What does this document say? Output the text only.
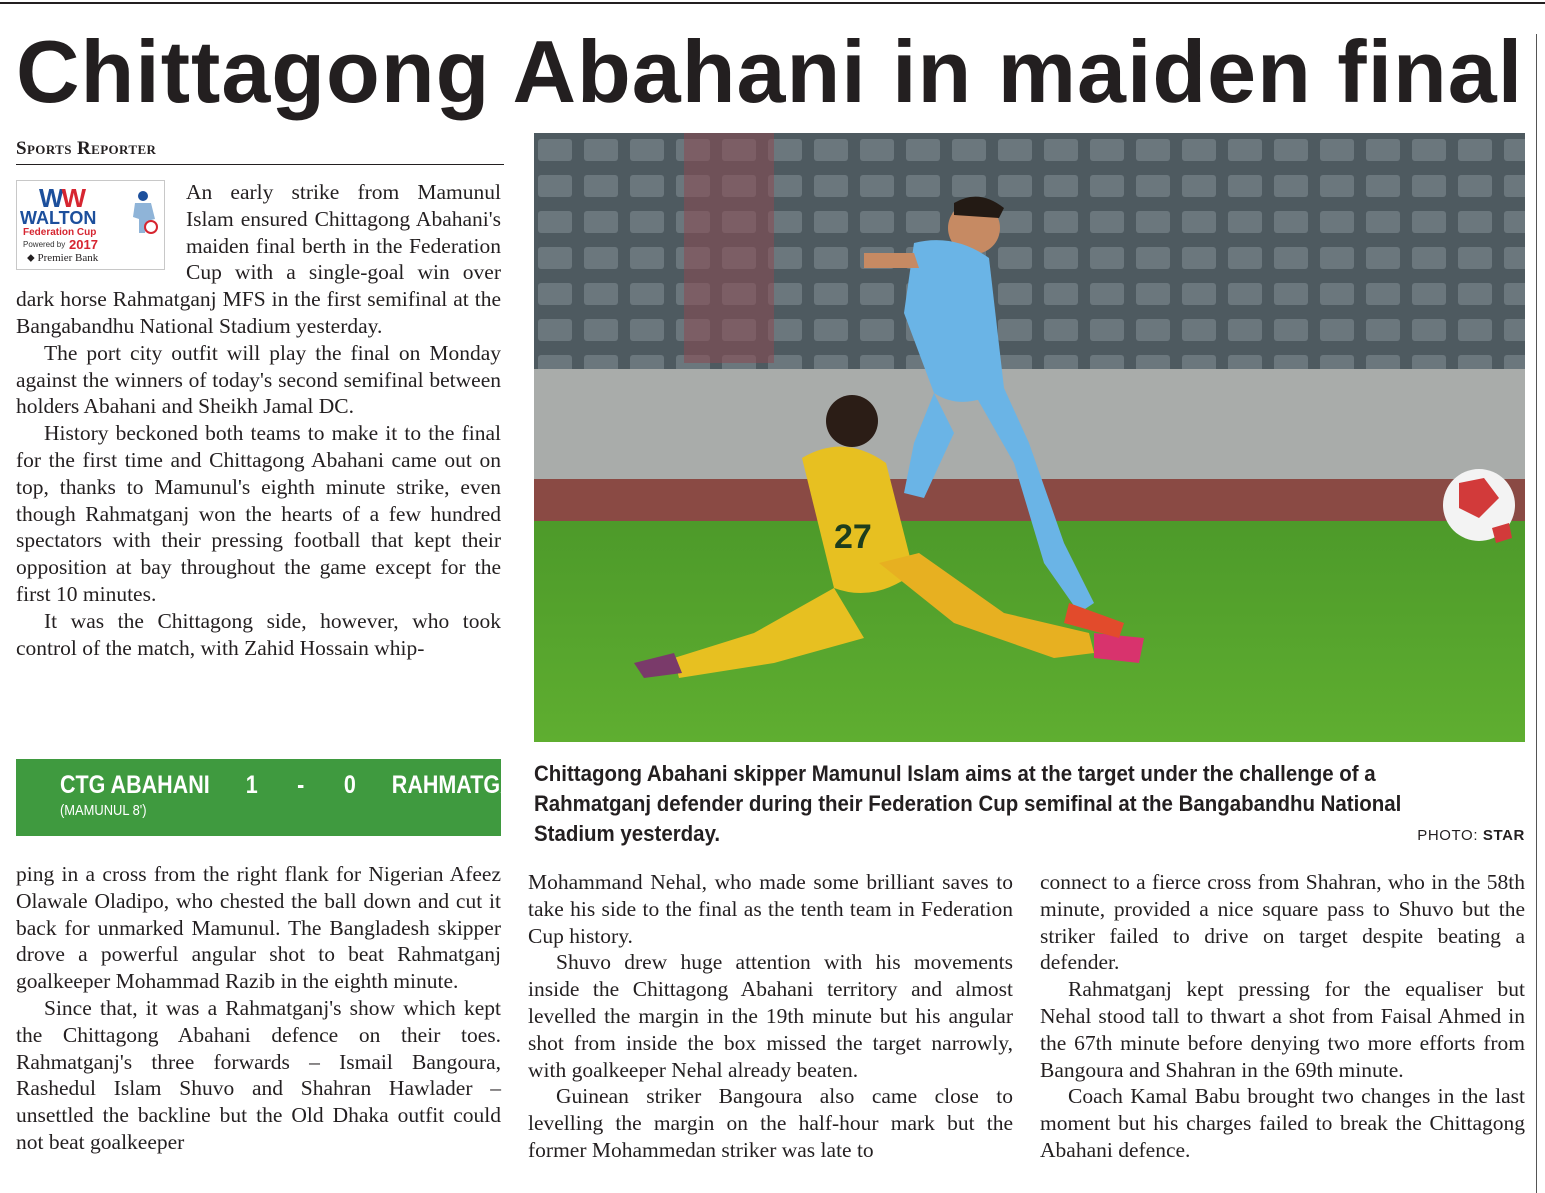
Chittagong Abahani in maiden final
Sports Reporter
WW
WALTON
Federation Cup
Powered by 2017
⬥ Premier Bank

An early strike from Mamunul Islam ensured Chittagong Abahani's maiden final berth in the Federation Cup with a single-goal win over dark horse Rahmatganj MFS in the first semifinal at the Bangabandhu National Stadium yesterday.

The port city outfit will play the final on Monday against the winners of today's second semifinal between holders Abahani and Sheikh Jamal DC.

History beckoned both teams to make it to the final for the first time and Chittagong Abahani came out on top, thanks to Mamunul's eighth minute strike, even though Rahmatganj won the hearts of a few hundred spectators with their pressing football that kept their opposition at bay throughout the game except for the first 10 minutes.

It was the Chittagong side, however, who took control of the match, with Zahid Hossain whip-

CTG ABAHANI 1 - 0 RAHMATGANJ
(MAMUNUL 8')
27
Chittagong Abahani skipper Mamunul Islam aims at the target under the challenge of a Rahmatganj defender during their Federation Cup semifinal at the Bangabandhu National Stadium yesterday.	PHOTO: STAR

ping in a cross from the right flank for Nigerian Afeez Olawale Oladipo, who chested the ball down and cut it back for unmarked Mamunul. The Bangladesh skipper drove a powerful angular shot to beat Rahmatganj goalkeeper Mohammad Razib in the eighth minute.

Since that, it was a Rahmatganj's show which kept the Chittagong Abahani defence on their toes. Rahmatganj's three forwards – Ismail Bangoura, Rashedul Islam Shuvo and Shahran Hawlader – unsettled the backline but the Old Dhaka outfit could not beat goalkeeper

Mohammand Nehal, who made some brilliant saves to take his side to the final as the tenth team in Federation Cup history.

Shuvo drew huge attention with his movements inside the Chittagong Abahani territory and almost levelled the margin in the 19th minute but his angular shot from inside the box missed the target narrowly, with goalkeeper Nehal already beaten.

Guinean striker Bangoura also came close to levelling the margin on the half-hour mark but the former Mohammedan striker was late to

connect to a fierce cross from Shahran, who in the 58th minute, provided a nice square pass to Shuvo but the striker failed to drive on target despite beating a defender.

Rahmatganj kept pressing for the equaliser but Nehal stood tall to thwart a shot from Faisal Ahmed in the 67th minute before denying two more efforts from Bangoura and Shahran in the 69th minute.

Coach Kamal Babu brought two changes in the last moment but his charges failed to break the Chittagong Abahani defence.
